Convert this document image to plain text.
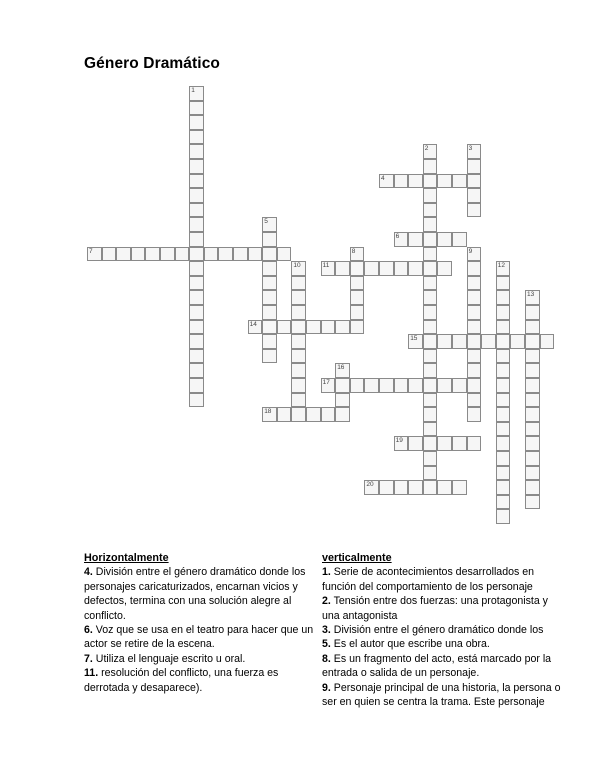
Género Dramático
1
2	3
4
5
6
7	8	9
10	11	12
13
14
15
16
17
18
19
20
Horizontalmente

4. División entre el género dramático donde los personajes caricaturizados, encarnan vicios y defectos, termina con una solución alegre al conflicto.

6. Voz que se usa en el teatro para hacer que un actor se retire de la escena.

7. Utiliza el lenguaje escrito u oral.

11. resolución del conflicto, una fuerza es derrotada y desaparece).

verticalmente

1. Serie de acontecimientos desarrollados en función del comportamiento de los personaje

2. Tensión entre dos fuerzas: una protagonista y una antagonista

3. División entre el género dramático donde los

5. Es el autor que escribe una obra.

8. Es un fragmento del acto, está marcado por la entrada o salida de un personaje.

9. Personaje principal de una historia, la persona o ser en quien se centra la trama. Este personaje
